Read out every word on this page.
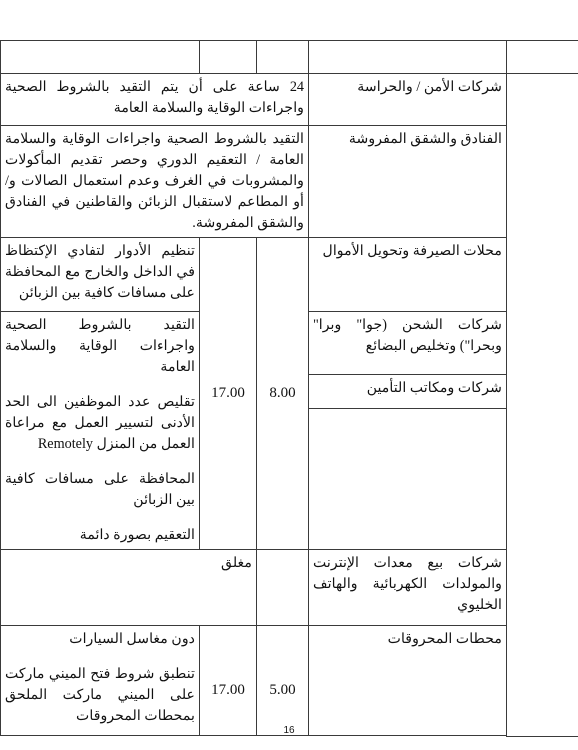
	شركات الأمن / والحراسة	24 ساعة على أن يتم التقيد بالشروط الصحية واجراءات الوقاية والسلامة العامة		
	الفنادق والشقق المفروشة	التقيد بالشروط الصحية واجراءات الوقاية والسلامة العامة / التعقيم الدوري وحصر تقديم المأكولات والمشروبات في الغرف وعدم استعمال الصالات و/أو المطاعم لاستقبال الزبائن والقاطنين في الفنادق والشقق المفروشة.		
	محلات الصيرفة وتحويل الأموال	8.00	17.00	تنظيم الأدوار لتفادي الإكتظاظ في الداخل والخارج مع المحافظة على مسافات كافية بين الزبائن
	شركات الشحن (جوا" وبرا" وبحرا") وتخليص البضائع			التقيد بالشروط الصحية واجراءات الوقاية والسلامة العامة
تقليص عدد الموظفين الى الحد الأدنى لتسيير العمل مع مراعاة العمل من المنزل Remotely
المحافظة على مسافات كافية بين الزبائن
التعقيم بصورة دائمة

	شركات ومكاتب التأمين			

	شركات بيع معدات الإنترنت والمولدات الكهربائية والهاتف الخليوي		مغلق	
	محطات المحروقات	5.00	17.00	دون مغاسل السيارات
تنطبق شروط فتح الميني ماركت على الميني ماركت الملحق بمحطات المحروقات

16
